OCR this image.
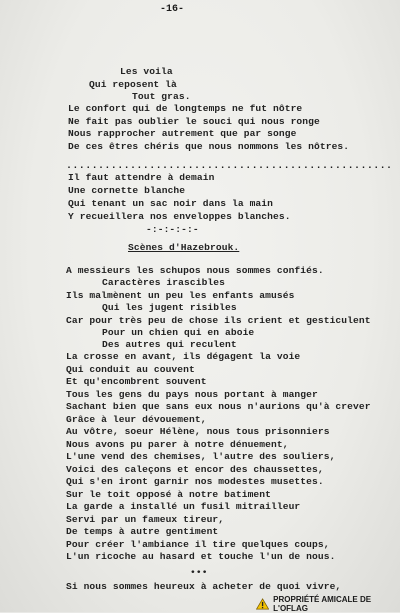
-16-
Les voila
Qui reposent là
Tout gras.
Le confort qui de longtemps ne fut nôtre
Ne fait pas oublier le souci qui nous ronge
Nous rapprocher autrement que par songe
De ces êtres chéris que nous nommons les nôtres.
...................................................
Il faut attendre à demain
Une cornette blanche
Qui tenant un sac noir dans la main
Y recueillera nos enveloppes blanches.
-:-:-:-:-
Scènes d'Hazebrouk.
A messieurs les schupos nous sommes confiés.
Caractères irascibles
Ils malmènent un peu les enfants amusés
Qui les jugent risibles
Car pour très peu de chose ils crient et gesticulent
Pour un chien qui en aboie
Des autres qui reculent
La crosse en avant, ils dégagent la voie
Qui conduit au couvent
Et qu'encombrent souvent
Tous les gens du pays nous portant à manger
Sachant bien que sans eux nous n'aurions qu'à crever
Grâce à leur dévouement,
Au vôtre, soeur Hélène, nous tous prisonniers
Nous avons pu parer à notre dénuement,
L'une vend des chemises, l'autre des souliers,
Voici des caleçons et encor des chaussettes,
Qui s'en iront garnir nos modestes musettes.
Sur le toit opposé à notre batiment
La garde a installé un fusil mitrailleur
Servi par un fameux tireur,
De temps à autre gentiment
Pour créer l'ambiance il tire quelques coups,
L'un ricoche au hasard et touche l'un de nous.
•••
Si nous sommes heureux à acheter de quoi vivre,
PROPRIÉTÉ AMICALE DE L'OFLAG
